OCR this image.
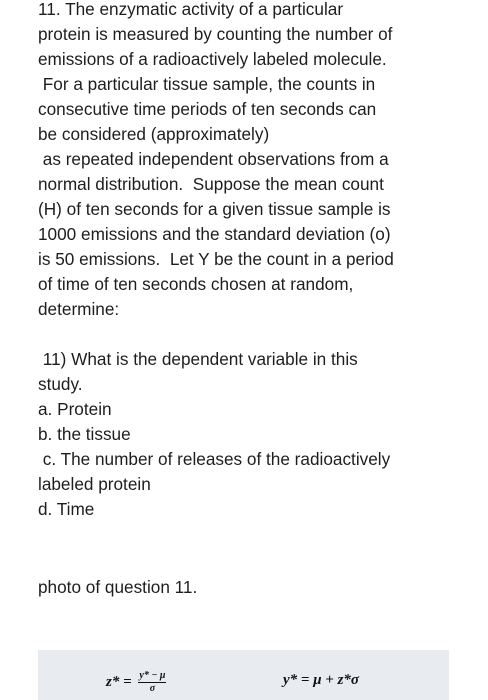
11. The enzymatic activity of a particular
protein is measured by counting the number of
emissions of a radioactively labeled molecule.
For a particular tissue sample, the counts in
consecutive time periods of ten seconds can
be considered (approximately)
as repeated independent observations from a
normal distribution.  Suppose the mean count
(H) of ten seconds for a given tissue sample is
1000 emissions and the standard deviation (o)
is 50 emissions.  Let Y be the count in a period
of time of ten seconds chosen at random,
determine:
11) What is the dependent variable in this
study.
a. Protein
b. the tissue
c. The number of releases of the radioactively
labeled protein
d. Time
photo of question 11.
$z* = \frac{y* - \mu}{\sigma}$	y* = μ + z*σ
